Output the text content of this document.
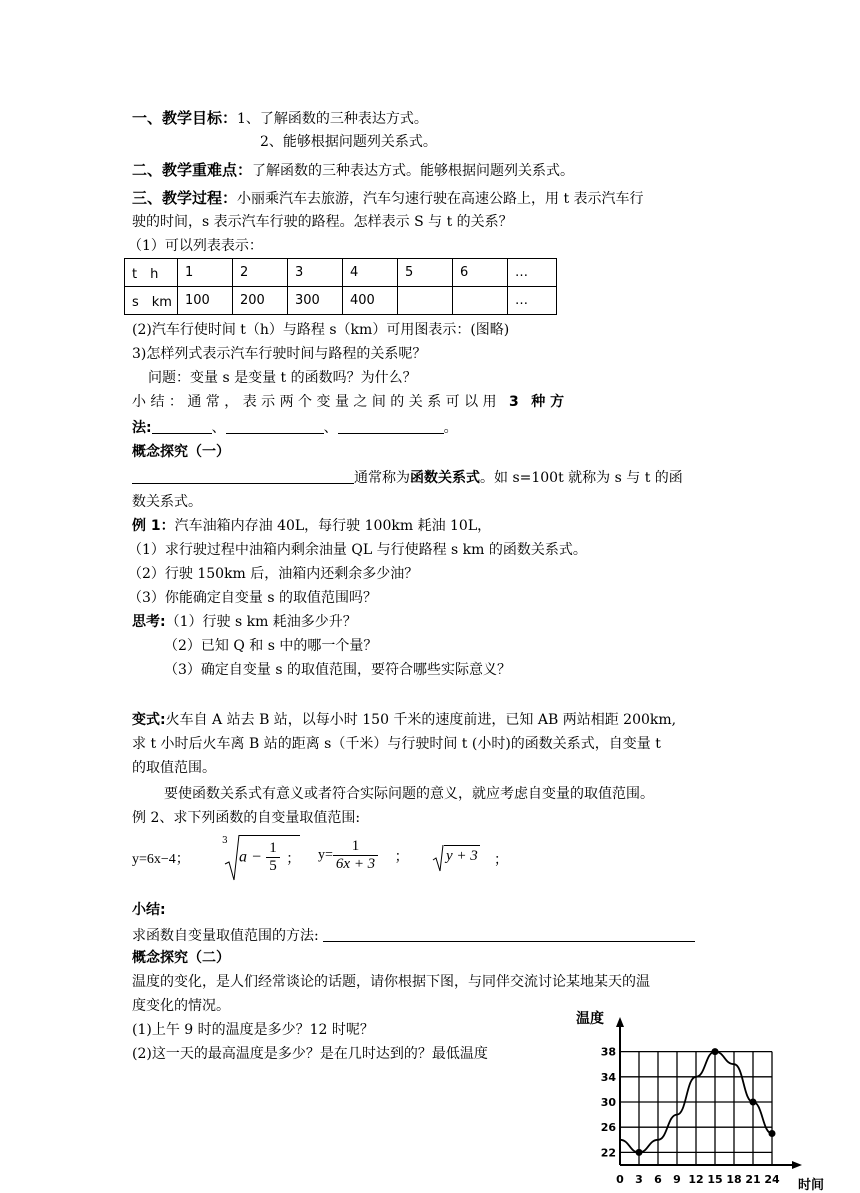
一、教学目标：1、了解函数的三种表达方式。
2、能够根据问题列关系式。
二、教学重难点：了解函数的三种表达方式。能够根据问题列关系式。
三、教学过程：小丽乘汽车去旅游，汽车匀速行驶在高速公路上，用 t 表示汽车行
驶的时间，s 表示汽车行驶的路程。怎样表示 S 与 t 的关系？
（1）可以列表表示：
t　h	1	2	3	4	5	6	…
s　km	100	200	300	400			…
(2)汽车行使时间 t（h）与路程 s（km）可用图表示：(图略)
3)怎样列式表示汽车行驶时间与路程的关系呢？
问题：变量 s 是变量 t 的函数吗？为什么？
小 结 ： 通 常 ， 表 示 两 个 变 量 之 间 的 关 系 可 以 用 3 种 方
法:	、	、	。
概念探究（一）
通常称为函数关系式。如 s=100t 就称为 s 与 t 的函
数关系式。
例 1：汽车油箱内存油 40L，每行驶 100km 耗油 10L，
（1）求行驶过程中油箱内剩余油量 QL 与行使路程 s km 的函数关系式。
（2）行驶 150km 后，油箱内还剩余多少油？
（3）你能确定自变量 s 的取值范围吗？
思考:（1）行驶 s km 耗油多少升？
（2）已知 Q 和 s 中的哪一个量？
（3）确定自变量 s 的取值范围，要符合哪些实际意义？
变式:火车自 A 站去 B 站，以每小时 150 千米的速度前进，已知 AB 两站相距 200km,
求 t 小时后火车离 B 站的距离 s（千米）与行驶时间 t (小时)的函数关系式，自变量 t
的取值范围。
要使函数关系式有意义或者符合实际问题的意义，就应考虑自变量的取值范围。
例 2、求下列函数的自变量取值范围:
y=6x−4；
3
$a - \frac{1}{5}$ ； $y= \frac{1}{6x + 3}$ ； y + 3 ；
小结:
求函数自变量取值范围的方法:
概念探究（二）
温度的变化，是人们经常谈论的话题，请你根据下图，与同伴交流讨论某地某天的温
度变化的情况。
(1)上午 9 时的温度是多少？12 时呢？
(2)这一天的最高温度是多少？是在几时达到的？最低温度
0 3 6 9 12 15 18 21 24
22
26
30
34
38
温度
时间
